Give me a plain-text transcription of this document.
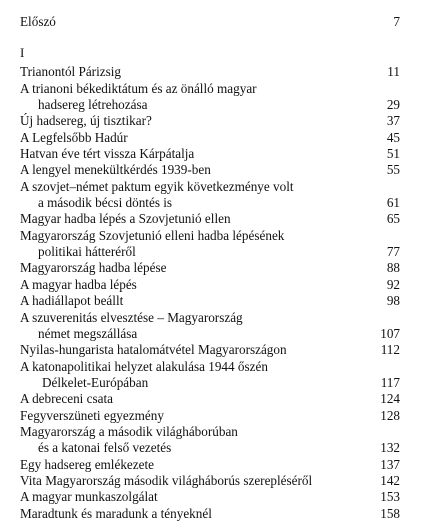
Előszó	7
I
Trianontól Párizsig	11
A trianoni békediktátum és az önálló magyar
hadsereg létrehozása	29
Új hadsereg, új tisztikar?	37
A Legfelsőbb Hadúr	45
Hatvan éve tért vissza Kárpátalja	51
A lengyel menekültkérdés 1939-ben	55
A szovjet–német paktum egyik következménye volt
a második bécsi döntés is	61
Magyar hadba lépés a Szovjetunió ellen	65
Magyarország Szovjetunió elleni hadba lépésének
politikai hátteréről	77
Magyarország hadba lépése	88
A magyar hadba lépés	92
A hadiállapot beállt	98
A szuverenitás elvesztése – Magyarország
német megszállása	107
Nyilas-hungarista hatalomátvétel Magyarországon	112
A katonapolitikai helyzet alakulása 1944 őszén
Délkelet-Európában	117
A debreceni csata	124
Fegyverszüneti egyezmény	128
Magyarország a második világháborúban
és a katonai felső vezetés	132
Egy hadsereg emlékezete	137
Vita Magyarország második világháborús szerepléséről	142
A magyar munkaszolgálat	153
Maradtunk és maradunk a tényeknél	158
